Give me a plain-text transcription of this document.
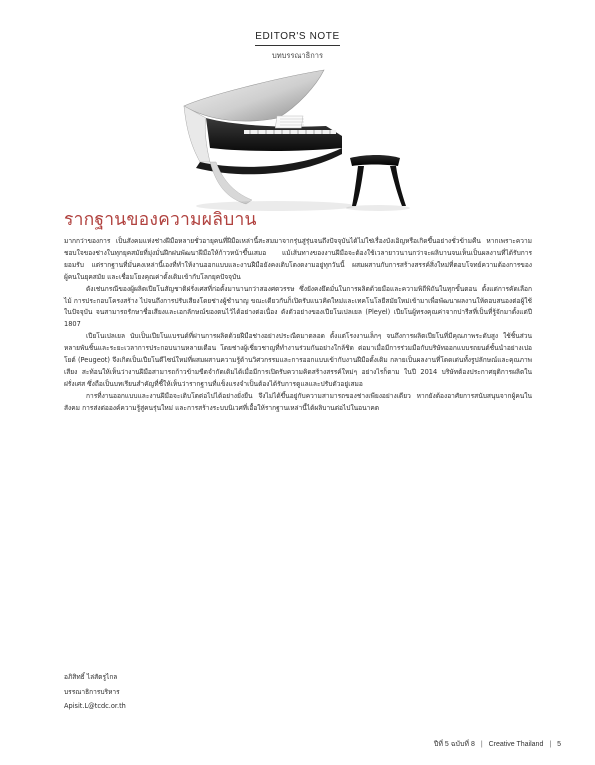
EDITOR'S NOTE
บทบรรณาธิการ
รากฐานของความผลิบาน

มากกว่าของการ เป็นสังคมแห่งช่างฝีมือหลายชั่วอายุคนที่ฝีมือเหล่านี้สะสมมาจากรุ่นสู่รุ่นจนถึงปัจจุบันได้ไม่ใช่เรื่องบังเอิญหรือเกิดขึ้นอย่างชั่วข้ามคืน หากเพราะความชอบใจของช่างในทุกยุคสมัยที่มุ่งมั่นฝึกฝนพัฒนาฝีมือให้ก้าวหน้าขึ้นเสมอ แม้เส้นทางของงานฝีมือจะต้องใช้เวลายาวนานกว่าจะผลิบานจนเห็นเป็นผลงานที่ได้รับการยอมรับ แต่รากฐานที่มั่นคงเหล่านี้เองที่ทำให้งานออกแบบและงานฝีมือยังคงเติบโตงดงามอยู่ทุกวันนี้ ผสมผสานกับการสร้างสรรค์สิ่งใหม่ที่ตอบโจทย์ความต้องการของผู้คนในยุคสมัย และเชื่อมโยงคุณค่าดั้งเดิมเข้ากับโลกยุคปัจจุบัน

ดังเช่นกรณีของผู้ผลิตเปียโนสัญชาติฝรั่งเศสที่ก่อตั้งมานานกว่าสองศตวรรษ ซึ่งยังคงยึดมั่นในการผลิตด้วยมือและความพิถีพิถันในทุกขั้นตอน ตั้งแต่การคัดเลือกไม้ การประกอบโครงสร้าง ไปจนถึงการปรับเสียงโดยช่างผู้ชำนาญ ขณะเดียวกันก็เปิดรับแนวคิดใหม่และเทคโนโลยีสมัยใหม่เข้ามาเพื่อพัฒนาผลงานให้ตอบสนองต่อผู้ใช้ในปัจจุบัน จนสามารถรักษาชื่อเสียงและเอกลักษณ์ของตนไว้ได้อย่างต่อเนื่อง ดังตัวอย่างของเปียโนเปลเยล (Pleyel) เปียโนผู้ทรงคุณค่าจากปารีสที่เป็นที่รู้จักมาตั้งแต่ปี 1807

เปียโนเปลเยล นับเป็นเปียโนแบรนด์ที่ผ่านการผลิตด้วยฝีมือช่างอย่างประณีตมาตลอด ตั้งแต่โรงงานเล็กๆ จนถึงการผลิตเปียโนที่มีคุณภาพระดับสูง ใช้ชิ้นส่วนหลายพันชิ้นและระยะเวลาการประกอบนานหลายเดือน โดยช่างผู้เชี่ยวชาญที่ทำงานร่วมกันอย่างใกล้ชิด ต่อมาเมื่อมีการร่วมมือกับบริษัทออกแบบรถยนต์ชั้นนำอย่างเปอโยต์ (Peugeot) จึงเกิดเป็นเปียโนดีไซน์ใหม่ที่ผสมผสานความรู้ด้านวิศวกรรมและการออกแบบเข้ากับงานฝีมือดั้งเดิม กลายเป็นผลงานที่โดดเด่นทั้งรูปลักษณ์และคุณภาพเสียง สะท้อนให้เห็นว่างานฝีมือสามารถก้าวข้ามขีดจำกัดเดิมได้เมื่อมีการเปิดรับความคิดสร้างสรรค์ใหม่ๆ อย่างไรก็ตาม ในปี 2014 บริษัทต้องประกาศยุติการผลิตในฝรั่งเศส ซึ่งถือเป็นบทเรียนสำคัญที่ชี้ให้เห็นว่ารากฐานที่แข็งแรงจำเป็นต้องได้รับการดูแลและปรับตัวอยู่เสมอ

การที่งานออกแบบและงานฝีมือจะเติบโตต่อไปได้อย่างยั่งยืน จึงไม่ได้ขึ้นอยู่กับความสามารถของช่างเพียงอย่างเดียว หากยังต้องอาศัยการสนับสนุนจากผู้คนในสังคม การส่งต่อองค์ความรู้สู่คนรุ่นใหม่ และการสร้างระบบนิเวศที่เอื้อให้รากฐานเหล่านี้ได้ผลิบานต่อไปในอนาคต

อภิสิทธิ์ ไล่สัตรูไกล
บรรณาธิการบริหาร
Apisit.L@tcdc.or.th
ปีที่ 5 ฉบับที่ 8 | Creative Thailand | 5
